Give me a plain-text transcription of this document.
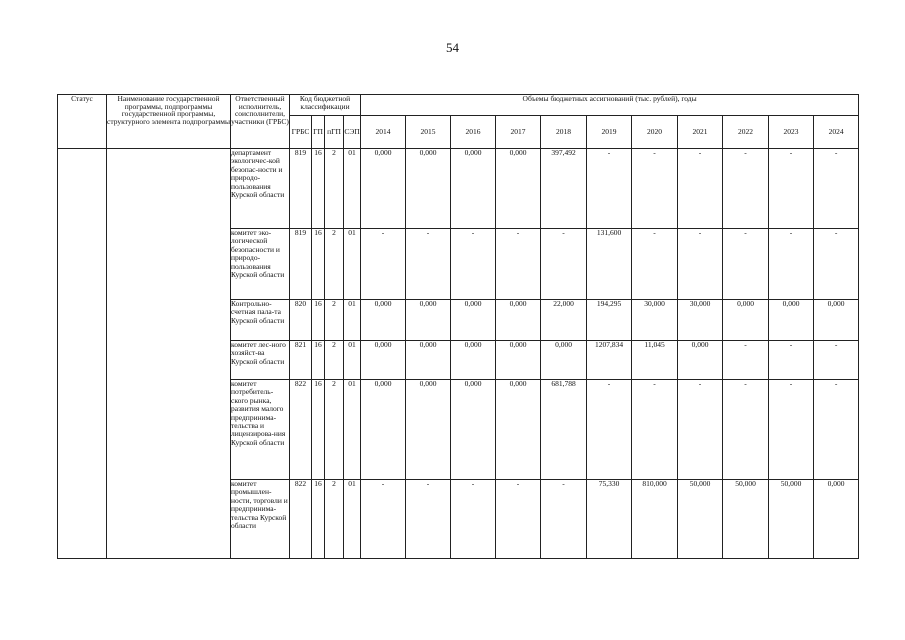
54
Статус	Наименование государственной программы, подпрограммы государственной программы, структурного элемента подпрограммы	Ответственный исполнитель, соисполнители, участники (ГРБС)	Код бюджетной классификации				Объемы бюджетных ассигнований (тыс. рублей), годы										
			ГРБС	ГП	пГП	СЭП	2014	2015	2016	2017	2018	2019	2020	2021	2022	2023	2024
		департамент экологичес-кой безопас-ности и природо-пользования Курской области	819	16	2	01	0,000	0,000	0,000	0,000	397,492	-	-	-	-	-	-
		комитет эко-логической безопасности и природо-пользования Курской области	819	16	2	01	-	-	-	-	-	131,600	-	-	-	-	-
		Контрольно-счетная пала-та Курской области	820	16	2	01	0,000	0,000	0,000	0,000	22,000	194,295	30,000	30,000	0,000	0,000	0,000
		комитет лес-ного хозяйст-ва Курской области	821	16	2	01	0,000	0,000	0,000	0,000	0,000	1207,834	11,045	0,000	-	-	-
		комитет потребитель-ского рынка, развития малого предпринима-тельства и лицензирова-ния Курской области	822	16	2	01	0,000	0,000	0,000	0,000	681,788	-	-	-	-	-	-
		комитет промышлен-ности, торговли и предпринима-тельства Курской области	822	16	2	01	-	-	-	-	-	75,330	810,000	50,000	50,000	50,000	0,000
